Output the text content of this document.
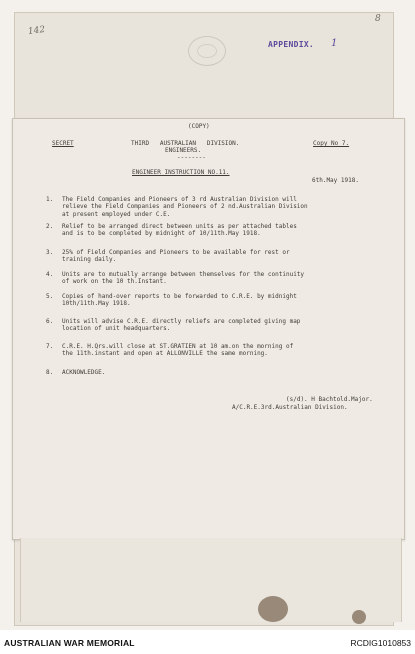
142
8
APPENDIX. 1
(COPY)
SECRET	THIRD   AUSTRALIAN   DIVISION.
ENGINEERS.
--------
Copy No 7.
ENGINEER INSTRUCTION NO.11.
6th.May 1918.
1.	The Field Companies and Pioneers of 3 rd Australian Division will
relieve the Field Companies and Pioneers of 2 nd.Australian Division
at present employed under C.E.
2.	Relief to be arranged direct between units as per attached tables
and is to be completed by midnight of 10/11th.May 1918.
3.	25% of Field Companies and Pioneers to be available for rest or
training daily.
4.	Units are to mutually arrange between themselves for the continuity
of work on the 10 th.Instant.
5.	Copies of hand-over reports to be forwarded to C.R.E. by midnight
10th/11th.May 1918.
6.	Units will advise C.R.E. directly reliefs are completed giving map
location of unit headquarters.
7.	C.R.E. H.Qrs.will close at ST.GRATIEN at 10 am.on the morning of
the 11th.instant and open at ALLONVILLE the same morning.
8.	ACKNOWLEDGE.
(s/d). H Bachtold.Major.
A/C.R.E.3rd.Australian Division.
AUSTRALIAN WAR MEMORIAL	RCDIG1010853
